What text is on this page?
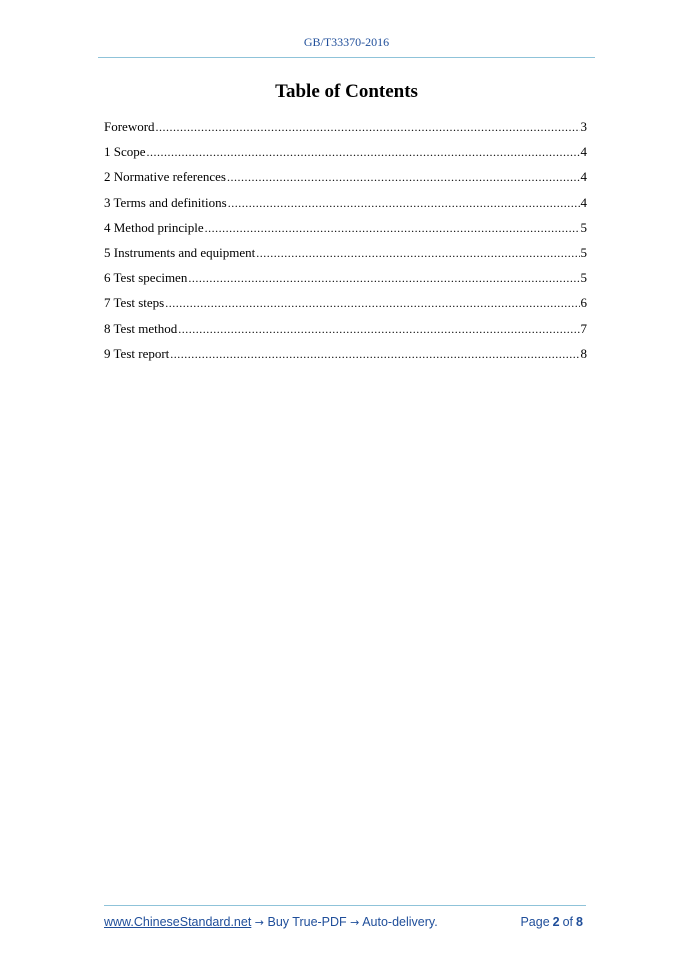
GB/T33370-2016
Table of Contents
Foreword .....	3
1 Scope .....	4
2 Normative references .....	4
3 Terms and definitions .....	4
4 Method principle .....	5
5 Instruments and equipment .....	5
6 Test specimen .....	5
7 Test steps .....	6
8 Test method .....	7
9 Test report .....	8
www.ChineseStandard.net → Buy True-PDF → Auto-delivery.	Page 2 of 8
